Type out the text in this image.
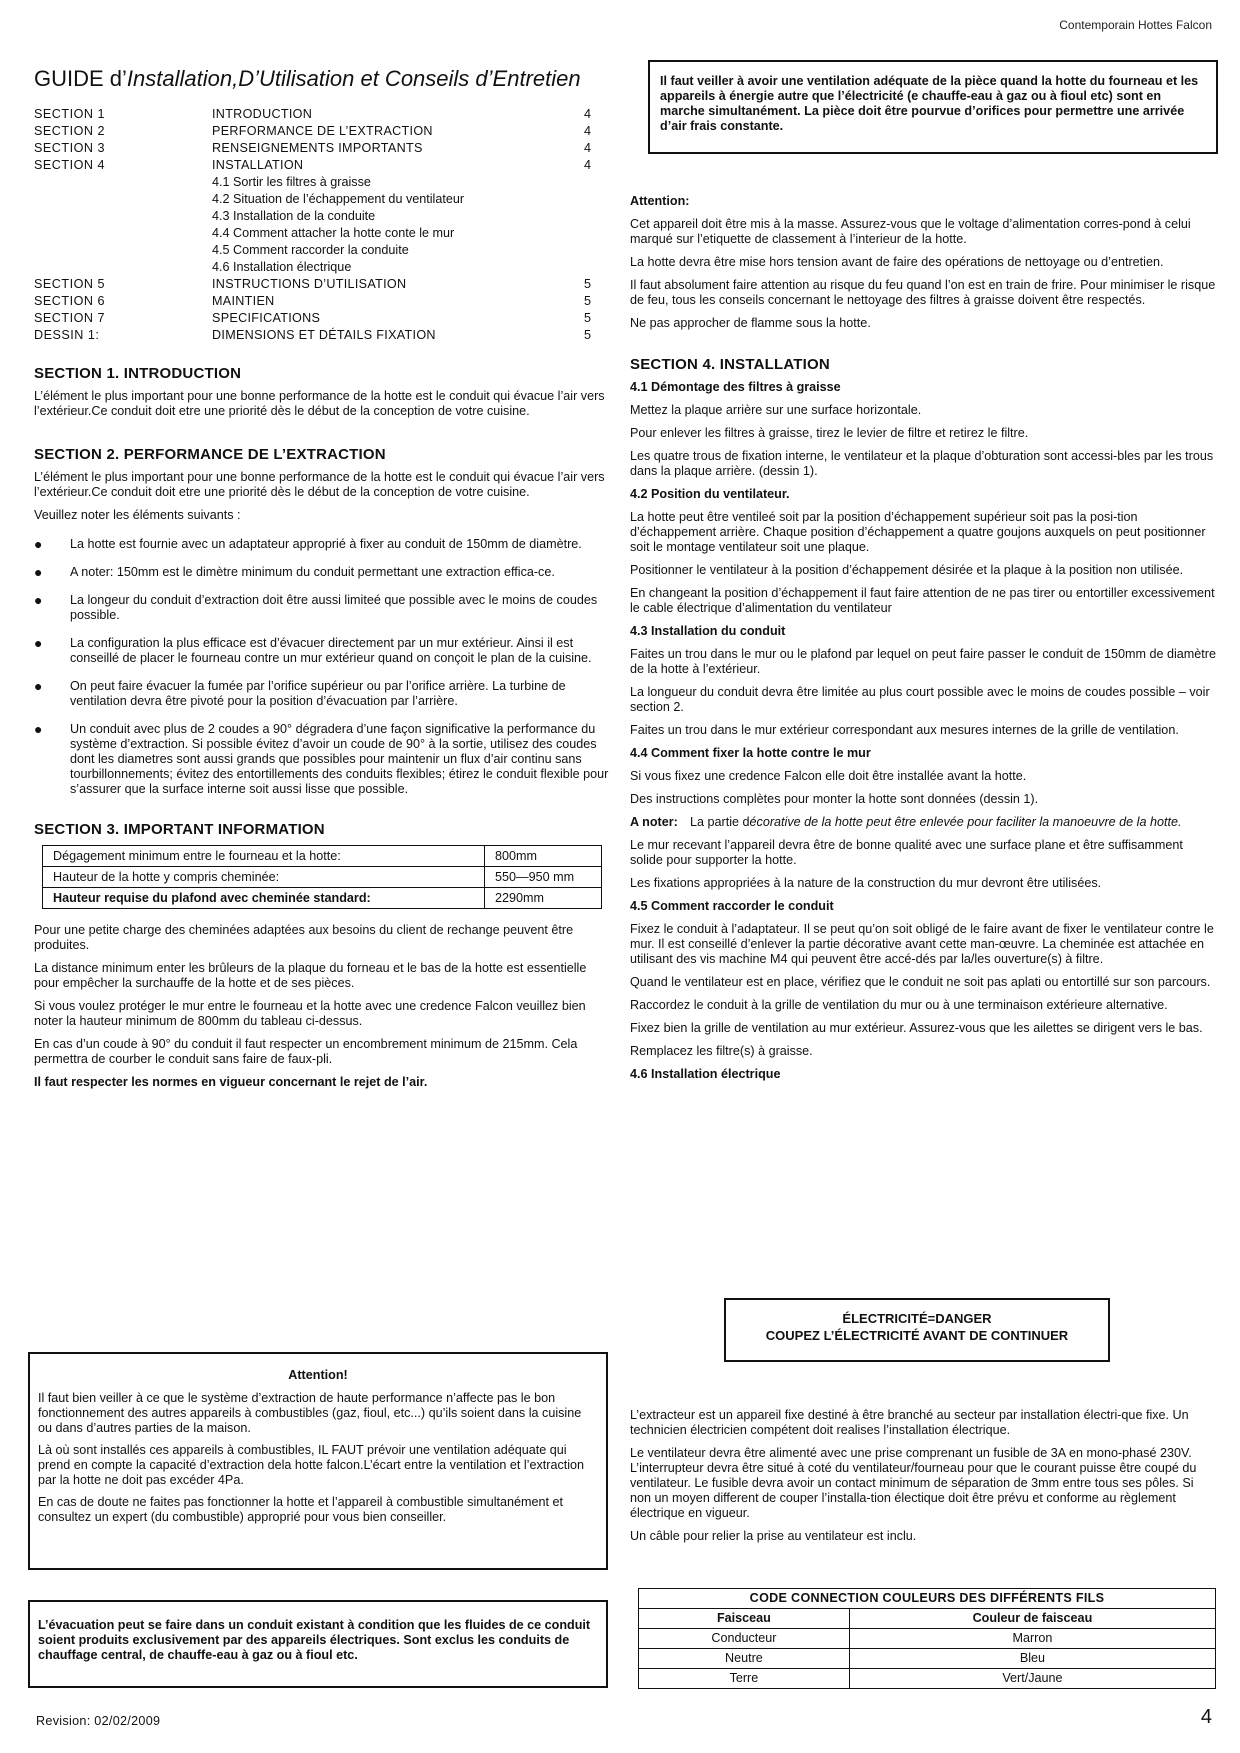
Contemporain Hottes Falcon
GUIDE d’Installation,D’Utilisation et Conseils d’Entretien
SECTION 1	INTRODUCTION	4
SECTION 2	PERFORMANCE DE L’EXTRACTION	4
SECTION 3	RENSEIGNEMENTS IMPORTANTS	4
SECTION 4	INSTALLATION	4
	4.1 Sortir les filtres à graisse	
	4.2 Situation de l’échappement du ventilateur	
	4.3 Installation de la conduite	
	4.4 Comment attacher la hotte conte le mur	
	4.5 Comment raccorder la conduite	
	4.6 Installation électrique	
SECTION 5	INSTRUCTIONS D’UTILISATION	5
SECTION 6	MAINTIEN	5
SECTION 7	SPECIFICATIONS	5
DESSIN 1:	DIMENSIONS ET DÉTAILS FIXATION	5
SECTION 1. INTRODUCTION

L’élément le plus important pour une bonne performance de la hotte est le conduit qui évacue l’air vers l’extérieur.Ce conduit doit etre une priorité dès le début de la conception de votre cuisine.

SECTION 2. PERFORMANCE DE L’EXTRACTION

L’élément le plus important pour une bonne performance de la hotte est le conduit qui évacue l’air vers l’extérieur.Ce conduit doit etre une priorité dès le début de la conception de votre cuisine.

Veuillez noter les éléments suivants :

● La hotte est fournie avec un adaptateur approprié à fixer au conduit de 150mm de diamètre.
● A noter: 150mm est le dimètre minimum du conduit permettant une extraction effica-ce.
● La longeur du conduit d’extraction doit être aussi limiteé que possible avec le moins de coudes possible.
● La configuration la plus efficace est d’évacuer directement par un mur extérieur. Ainsi il est conseillé de placer le fourneau contre un mur extérieur quand on conçoit le plan de la cuisine.
● On peut faire évacuer la fumée par l’orifice supérieur ou par l’orifice arrière. La turbine de ventilation devra être pivoté pour la position d’évacuation par l’arrière.
● Un conduit avec plus de 2 coudes a 90° dégradera d’une façon significative la performance du système d’extraction. Si possible évitez d’avoir un coude de 90° à la sortie, utilisez des coudes dont les diametres sont aussi grands que possibles pour maintenir un flux d’air continu sans tourbillonnements; évitez des entortillements des conduits flexibles; étirez le conduit flexible pour s’assurer que la surface interne soit aussi lisse que possible.
SECTION 3. IMPORTANT INFORMATION
Dégagement minimum entre le fourneau et la hotte:	800mm
Hauteur de la hotte y compris cheminée:	550—950 mm
Hauteur requise du plafond avec cheminée standard:	2290mm

Pour une petite charge des cheminées adaptées aux besoins du client de rechange peuvent être produites.

La distance minimum enter les brûleurs de la plaque du forneau et le bas de la hotte est essentielle pour empêcher la surchauffe de la hotte et de ses pièces.

Si vous voulez protéger le mur entre le fourneau et la hotte avec une credence Falcon veuillez bien noter la hauteur minimum de 800mm du tableau ci-dessus.

En cas d’un coude à 90° du conduit il faut respecter un encombrement minimum de 215mm. Cela permettra de courber le conduit sans faire de faux-pli.

Il faut respecter les normes en vigueur concernant le rejet de l’air.

Attention!

Il faut bien veiller à ce que le système d’extraction de haute performance n’affecte pas le bon fonctionnement des autres appareils à combustibles (gaz, fioul, etc...) qu’ils soient dans la cuisine ou dans d’autres parties de la maison.

Là où sont installés ces appareils à combustibles, IL FAUT prévoir une ventilation adéquate qui prend en compte la capacité d’extraction dela hotte falcon.L’écart entre la ventilation et l’extraction par la hotte ne doit pas excéder 4Pa.

En cas de doute ne faites pas fonctionner la hotte et l’appareil à combustible simultanément et consultez un expert (du combustible) approprié pour vous bien conseiller.

L’évacuation peut se faire dans un conduit existant à condition que les fluides de ce conduit soient produits exclusivement par des appareils électriques. Sont exclus les conduits de chauffage central, de chauffe-eau à gaz ou à fioul etc.
Il faut veiller à avoir une ventilation adéquate de la pièce quand la hotte du fourneau et les appareils à énergie autre que l’électricité (e chauffe-eau à gaz ou à fioul etc) sont en marche simultanément. La pièce doit être pourvue d’orifices pour permettre une arrivée d’air frais constante.

Attention:

Cet appareil doit être mis à la masse. Assurez-vous que le voltage d’alimentation corres-pond à celui marqué sur l’etiquette de classement à l’interieur de la hotte.

La hotte devra être mise hors tension avant de faire des opérations de nettoyage ou d’entretien.

Il faut absolument faire attention au risque du feu quand l’on est en train de frire. Pour minimiser le risque de feu, tous les conseils concernant le nettoyage des filtres à graisse doivent être respectés.

Ne pas approcher de flamme sous la hotte.

SECTION 4. INSTALLATION

4.1 Démontage des filtres à graisse

Mettez la plaque arrière sur une surface horizontale.

Pour enlever les filtres à graisse, tirez le levier de filtre et retirez le filtre.

Les quatre trous de fixation interne, le ventilateur et la plaque d’obturation sont accessi-bles par les trous dans la plaque arrière. (dessin 1).

4.2 Position du ventilateur.

La hotte peut être ventileé soit par la position d’échappement supérieur soit pas la posi-tion d’échappement arrière. Chaque position d’échappement a quatre goujons auxquels on peut positionner soit le montage ventilateur soit une plaque.

Positionner le ventilateur à la position d’échappement désirée et la plaque à la position non utilisée.

En changeant la position d’échappement il faut faire attention de ne pas tirer ou entortiller excessivement le cable électrique d’alimentation du ventilateur

4.3 Installation du conduit

Faites un trou dans le mur ou le plafond par lequel on peut faire passer le conduit de 150mm de diamètre de la hotte à l’extérieur.

La longueur du conduit devra être limitée au plus court possible avec le moins de coudes possible – voir section 2.

Faites un trou dans le mur extérieur correspondant aux mesures internes de la grille de ventilation.

4.4 Comment fixer la hotte contre le mur

Si vous fixez une credence Falcon elle doit être installée avant la hotte.

Des instructions complètes pour monter la hotte sont données (dessin 1).

A noter: La partie décorative de la hotte peut être enlevée pour faciliter la manoeuvre de la hotte.

Le mur recevant l’appareil devra être de bonne qualité avec une surface plane et être suffisamment solide pour supporter la hotte.

Les fixations appropriées à la nature de la construction du mur devront être utilisées.

4.5 Comment raccorder le conduit

Fixez le conduit à l’adaptateur. Il se peut qu’on soit obligé de le faire avant de fixer le ventilateur contre le mur. Il est conseillé d’enlever la partie décorative avant cette man-œuvre. La cheminée est attachée en utilisant des vis machine M4 qui peuvent être accé-dés par la/les ouverture(s) à filtre.

Quand le ventilateur est en place, vérifiez que le conduit ne soit pas aplati ou entortillé sur son parcours.

Raccordez le conduit à la grille de ventilation du mur ou à une terminaison extérieure alternative.

Fixez bien la grille de ventilation au mur extérieur. Assurez-vous que les ailettes se dirigent vers le bas.

Remplacez les filtre(s) à graisse.

4.6 Installation électrique

ÉLECTRICITÉ=DANGER
COUPEZ L’ÉLECTRICITÉ AVANT DE CONTINUER

L’extracteur est un appareil fixe destiné à être branché au secteur par installation électri-que fixe. Un technicien électricien compétent doit realises l’installation électrique.

Le ventilateur devra être alimenté avec une prise comprenant un fusible de 3A en mono-phasé 230V. L’interrupteur devra être situé à coté du ventilateur/fourneau pour que le courant puisse être coupé du ventilateur. Le fusible devra avoir un contact minimum de séparation de 3mm entre tous ses pôles. Si non un moyen different de couper l’installa-tion électique doit être prévu et conforme au règlement électrique en vigueur.

Un câble pour relier la prise au ventilateur est inclu.

CODE CONNECTION COULEURS DES DIFFÉRENTS FILS	
Faisceau	Couleur de faisceau
Conducteur	Marron
Neutre	Bleu
Terre	Vert/Jaune
Revision: 02/02/2009	4
